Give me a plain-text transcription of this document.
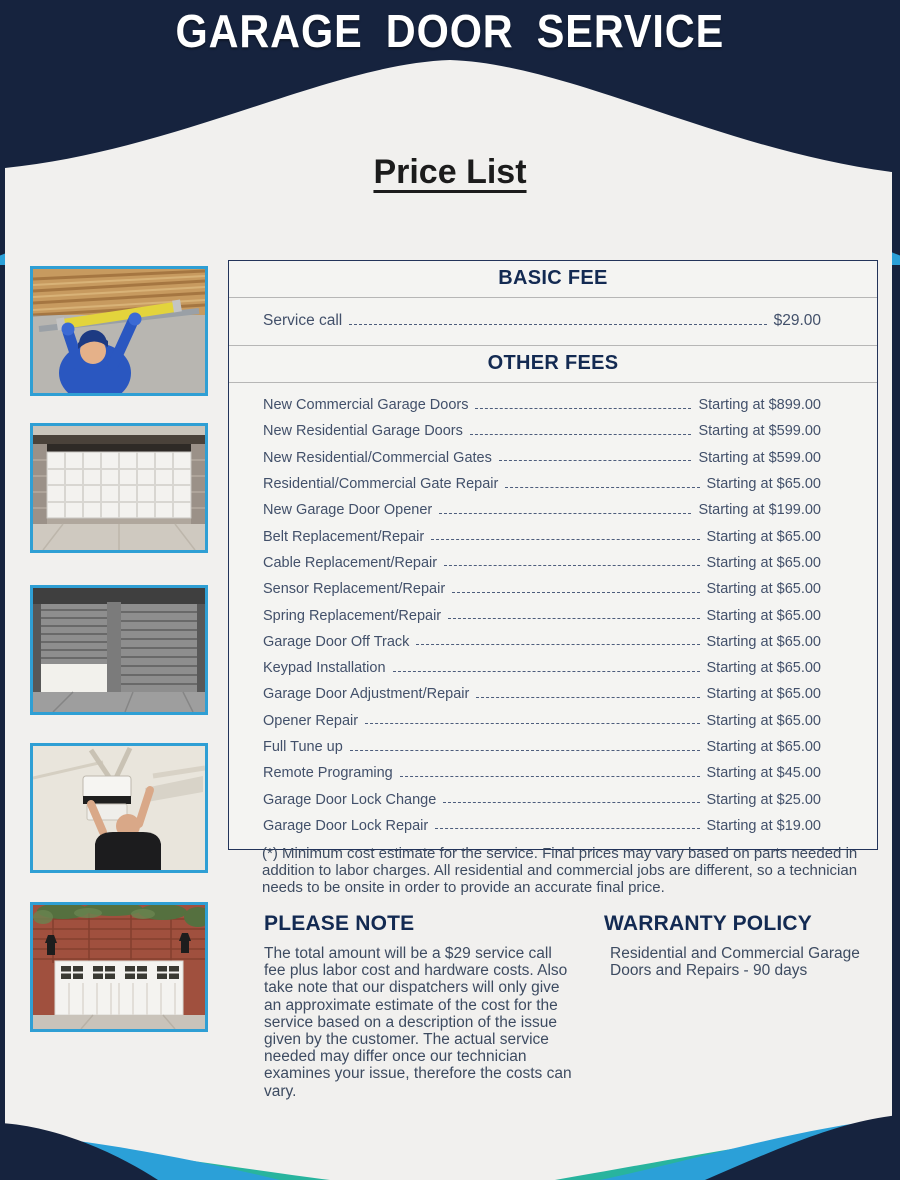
GARAGE DOOR SERVICE
Price List
BASIC FEE
Service call	$29.00
OTHER FEES
New Commercial Garage Doors	Starting at $899.00
New Residential Garage Doors	Starting at $599.00
New Residential/Commercial Gates	Starting at $599.00
Residential/Commercial Gate Repair	Starting at $65.00
New Garage Door Opener	Starting at $199.00
Belt Replacement/Repair	Starting at $65.00
Cable Replacement/Repair	Starting at $65.00
Sensor Replacement/Repair	Starting at $65.00
Spring Replacement/Repair	Starting at $65.00
Garage Door Off Track	Starting at $65.00
Keypad Installation	Starting at $65.00
Garage Door Adjustment/Repair	Starting at $65.00
Opener Repair	Starting at $65.00
Full Tune up	Starting at $65.00
Remote Programing	Starting at $45.00
Garage Door Lock Change	Starting at $25.00
Garage Door Lock Repair	Starting at $19.00
(*) Minimum cost estimate for the service. Final prices may vary based on parts needed in addition to labor charges. All residential and commercial jobs are different, so a technician needs to be onsite in order to provide an accurate final price.
PLEASE NOTE
The total amount will be a $29 service call fee plus labor cost and hardware costs. Also take note that our dispatchers will only give an approximate estimate of the cost for the service based on a description of the issue given by the customer. The actual service needed may differ once our technician examines your issue, therefore the costs can vary.
WARRANTY POLICY
Residential and Commercial Garage Doors and Repairs - 90 days
